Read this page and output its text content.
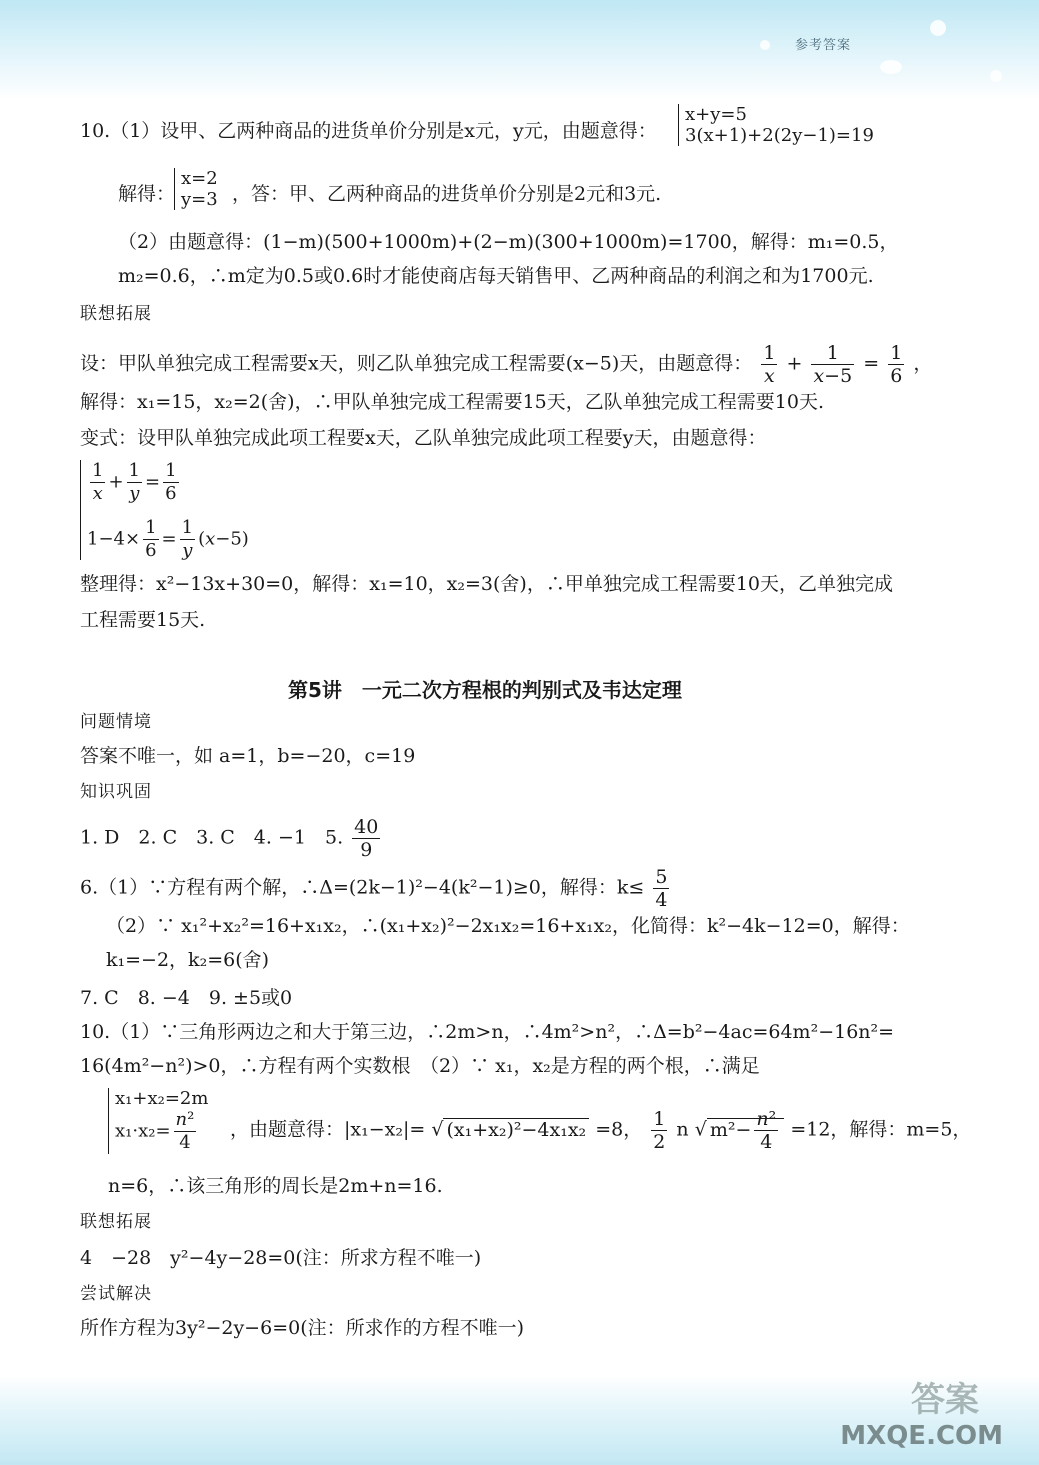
参考答案
答案
MXQE.COM
10.（1）设甲、乙两种商品的进货单价分别是x元，y元，由题意得：
x+y=5
3(x+1)+2(2y−1)=19
解得：
x=2
y=3 ，答：甲、乙两种商品的进货单价分别是2元和3元.
（2）由题意得：(1−m)(500+1000m)+(2−m)(300+1000m)=1700，解得：m₁=0.5，
m₂=0.6，∴m定为0.5或0.6时才能使商店每天销售甲、乙两种商品的利润之和为1700元.
联想拓展
设：甲队单独完成工程需要x天，则乙队单独完成工程需要(x−5)天，由题意得： $\frac{1}{x} + \frac{1}{x-5} = \frac{1}{6}$ ，
解得：x₁=15，x₂=2(舍)，∴甲队单独完成工程需要15天，乙队单独完成工程需要10天.
变式：设甲队单独完成此项工程要x天，乙队单独完成此项工程要y天，由题意得：
$\frac{1}{x} + \frac{1}{y} = \frac{1}{6}$
$1-4\times \frac{1}{6} = \frac{1}{y} (x-5)$
整理得：x²−13x+30=0，解得：x₁=10，x₂=3(舍)，∴甲单独完成工程需要10天，乙单独完成
工程需要15天.
第5讲　一元二次方程根的判别式及韦达定理
问题情境
答案不唯一，如 a=1，b=−20，c=19
知识巩固
1. D　2. C　3. C　4. −1　5. $\frac{40}{9}$
6.（1）∵方程有两个解，∴Δ=(2k−1)²−4(k²−1)≥0，解得：$k\le \frac{5}{4}$
（2）∵ x₁²+x₂²=16+x₁x₂，∴(x₁+x₂)²−2x₁x₂=16+x₁x₂，化简得：k²−4k−12=0，解得：
k₁=−2，k₂=6(舍)
7. C　8. −4　9. ±5或0
10.（1）∵三角形两边之和大于第三边，∴2m>n，∴4m²>n²，∴Δ=b²−4ac=64m²−16n²=
16(4m²−n²)>0，∴方程有两个实数根　（2）∵ x₁，x₂是方程的两个根，∴满足
x₁+x₂=2m
$x_1\cdot x_2= \frac{\text{n²}}{4}$ ，由题意得：|x₁−x₂|= √ (x₁+x₂)²−4x₁x₂ =8， $\frac{1}{2}$ n √ $m^2- \frac{\text{n²}}{4} =12$，解得：m=5，
n=6，∴该三角形的周长是2m+n=16.
联想拓展
4　−28　y²−4y−28=0(注：所求方程不唯一)
尝试解决
所作方程为3y²−2y−6=0(注：所求作的方程不唯一)
